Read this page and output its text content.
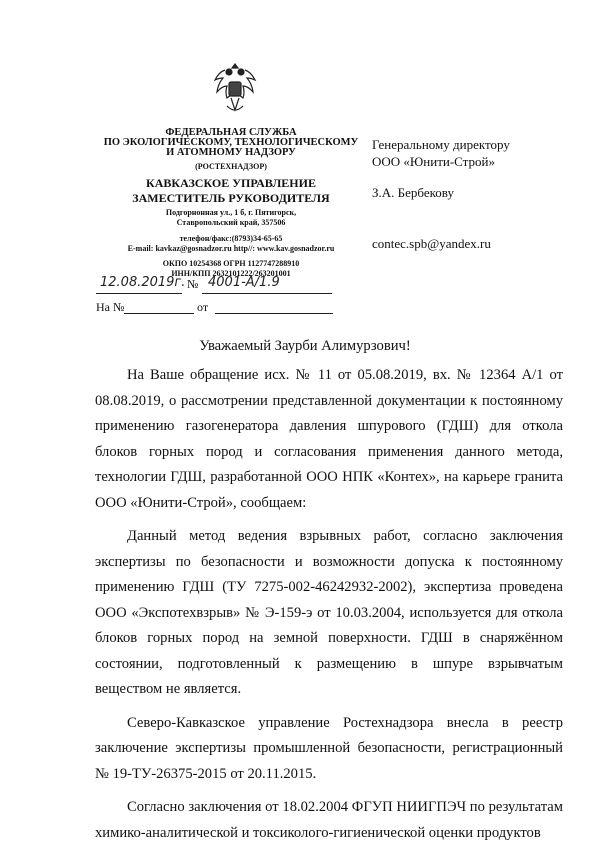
ФЕДЕРАЛЬНАЯ СЛУЖБА
ПО ЭКОЛОГИЧЕСКОМУ, ТЕХНОЛОГИЧЕСКОМУ
И АТОМНОМУ НАДЗОРУ
(РОСТЕХНАДЗОР)
КАВКАЗСКОЕ УПРАВЛЕНИЕ
ЗАМЕСТИТЕЛЬ РУКОВОДИТЕЛЯ
Подгорнонная ул., 1 б, г. Пятигорск,
Ставропольский край, 357506
телефон/факс:(8793)34-65-65
E-mail: kavkaz@gosnadzor.ru http//: www.kav.gosnadzor.ru
ОКПО 10254368 ОГРН 1127747288910
ИНН/КПП 2632101222/263201001
12.08.2019г. № 4001-А/1.9
На №	от
Генеральному директору
ООО «Юнити-Строй»
З.А. Бербекову
contec.spb@yandex.ru
Уважаемый Заурби Алимурзович!

На Ваше обращение исх. № 11 от 05.08.2019, вх. № 12364 А/1 от 08.08.2019, о рассмотрении представленной документации к постоянному применению газогенератора давления шпурового (ГДШ) для откола блоков горных пород и согласования применения данного метода, технологии ГДШ, разработанной ООО НПК «Контех», на карьере гранита ООО «Юнити-Строй», сообщаем:

Данный метод ведения взрывных работ, согласно заключения экспертизы по безопасности и возможности допуска к постоянному применению ГДШ (ТУ 7275-002-46242932-2002), экспертиза проведена ООО «Экспотехвзрыв» № Э-159-э от 10.03.2004, используется для откола блоков горных пород на земной поверхности. ГДШ в снаряжённом состоянии, подготовленный к размещению в шпуре взрывчатым веществом не является.

Северо-Кавказское управление Ростехнадзора внесла в реестр заключение экспертизы промышленной безопасности, регистрационный № 19-ТУ-26375-2015 от 20.11.2015.

Согласно заключения от 18.02.2004 ФГУП НИИГПЭЧ по результатам химико-аналитической и токсиколого-гигиенической оценки продуктов
